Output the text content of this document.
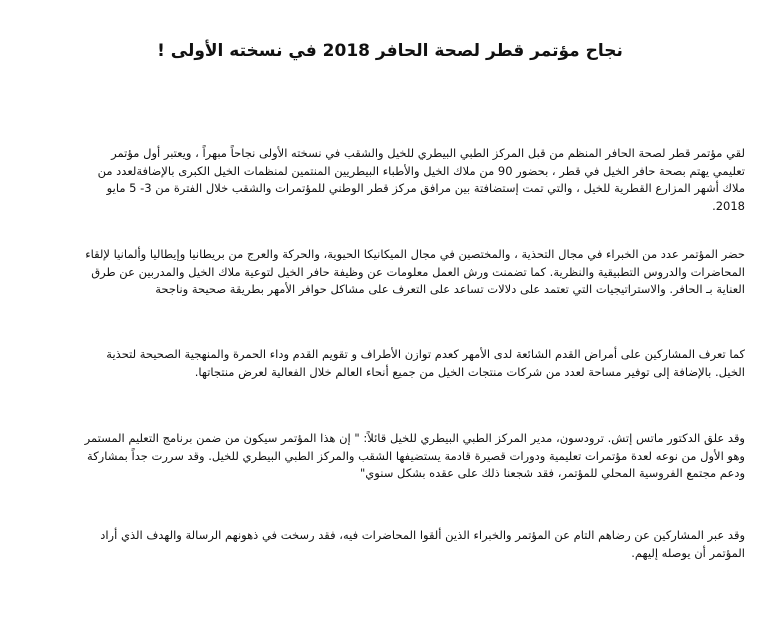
نجاح مؤتمر قطر لصحة الحافر 2018 في نسخته الأولى !

لقي مؤتمر قطر لصحة الحافر المنظم من قبل المركز الطبي البيطري للخيل والشقب في نسخته الأولى نجاحاً مبهراً ، ويعتبر أول مؤتمر تعليمي يهتم بصحة حافر الخيل في قطر ، بحضور 90 من ملاك الخيل والأطباء البيطريين المنتمين لمنظمات الخيل الكبرى بالإضافةلعدد من ملاك أشهر المزارع القطرية للخيل ، والتي تمت إستضافتة بين مرافق مركز قطر الوطني للمؤتمرات والشقب خلال الفترة من 3- 5 مايو 2018.

حضر المؤتمر عدد من الخبراء في مجال التحذية ، والمختصين في مجال الميكانيكا الحيوية، والحركة والعرج من بريطانيا وإيطاليا وألمانيا لإلقاء المحاضرات والدروس التطبيقية والنظرية. كما تضمنت ورش العمل معلومات عن وظيفة حافر الخيل لتوعية ملاك الخيل والمدربين عن طرق العناية بـ الحافر. والاستراتيجيات التي تعتمد على دلالات تساعد على التعرف على مشاكل حوافر الأمهر بطريقة صحيحة وناجحة

كما تعرف المشاركين على أمراض القدم الشائعة لدى الأمهر كعدم توازن الأطراف و تقويم القدم وداء الحمرة والمنهجية الصحيحة لتحذية الخيل. بالإضافة إلى توفير مساحة لعدد من شركات منتجات الخيل من جميع أنحاء العالم خلال الفعالية لعرض منتجاتها.

وقد علق الدكتور ماتس إتش. ترودسون، مدير المركز الطبي البيطري للخيل قائلاً: " إن هذا المؤتمر سيكون من ضمن برنامج التعليم المستمر وهو الأول من نوعه لعدة مؤتمرات تعليمية ودورات قصيرة قادمة يستضيفها الشقب والمركز الطبي البيطري للخيل. وقد سررت جداً بمشاركة ودعم مجتمع الفروسية المحلي للمؤتمر، فقد شجعنا ذلك على عقده بشكل سنوي"

وقد عبر المشاركين عن رضاهم التام عن المؤتمر والخبراء الذين ألقوا المحاضرات فيه، فقد رسخت في ذهونهم الرسالة والهدف الذي أراد المؤتمر أن يوصله إليهم.
